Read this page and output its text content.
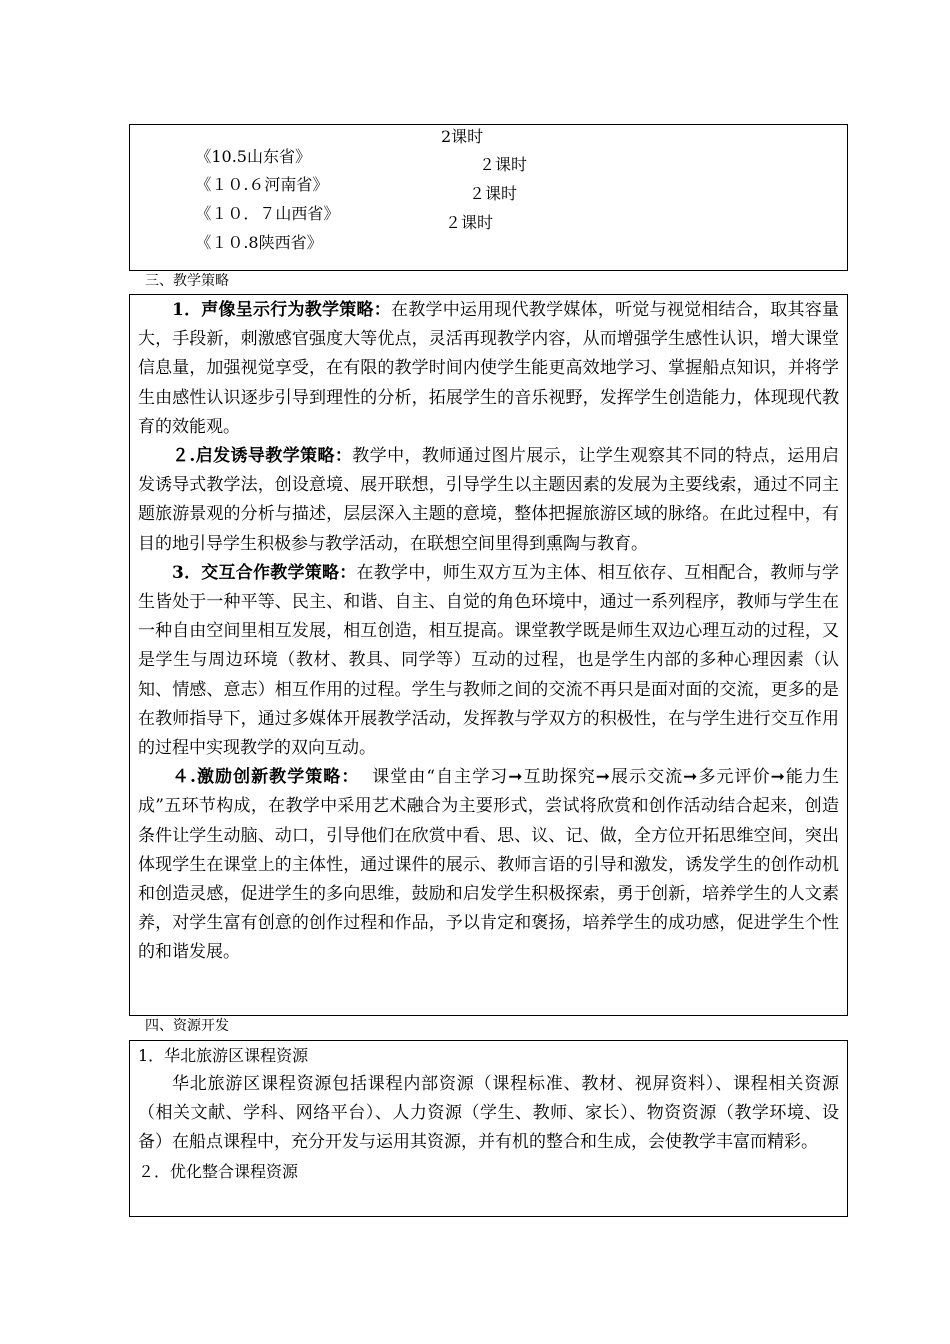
《10.5山东省》

2课时

《１０.６河南省》

２课时

《１０．７山西省》

２课时

《１０.8陕西省》

２课时

三、教学策略

1．声像呈示行为教学策略：在教学中运用现代教学媒体，听觉与视觉相结合，取其容量大，手段新，刺激感官强度大等优点，灵活再现教学内容，从而增强学生感性认识，增大课堂信息量，加强视觉享受，在有限的教学时间内使学生能更高效地学习、掌握船点知识，并将学生由感性认识逐步引导到理性的分析，拓展学生的音乐视野，发挥学生创造能力，体现现代教育的效能观。

２.启发诱导教学策略：教学中，教师通过图片展示，让学生观察其不同的特点，运用启发诱导式教学法，创设意境、展开联想，引导学生以主题因素的发展为主要线索，通过不同主题旅游景观的分析与描述，层层深入主题的意境，整体把握旅游区域的脉络。在此过程中，有目的地引导学生积极参与教学活动，在联想空间里得到熏陶与教育。

3．交互合作教学策略：在教学中，师生双方互为主体、相互依存、互相配合，教师与学生皆处于一种平等、民主、和谐、自主、自觉的角色环境中，通过一系列程序，教师与学生在一种自由空间里相互发展，相互创造，相互提高。课堂教学既是师生双边心理互动的过程，又是学生与周边环境（教材、教具、同学等）互动的过程，也是学生内部的多种心理因素（认知、情感、意志）相互作用的过程。学生与教师之间的交流不再只是面对面的交流，更多的是在教师指导下，通过多媒体开展教学活动，发挥教与学双方的积极性，在与学生进行交互作用的过程中实现教学的双向互动。

４.激励创新教学策略：  课堂由“自主学习➞互助探究➞展示交流➞多元评价➞能力生成”五环节构成，在教学中采用艺术融合为主要形式，尝试将欣赏和创作活动结合起来，创造条件让学生动脑、动口，引导他们在欣赏中看、思、议、记、做，全方位开拓思维空间，突出体现学生在课堂上的主体性，通过课件的展示、教师言语的引导和激发，诱发学生的创作动机和创造灵感，促进学生的多向思维，鼓励和启发学生积极探索，勇于创新，培养学生的人文素养，对学生富有创意的创作过程和作品，予以肯定和褒扬，培养学生的成功感，促进学生个性的和谐发展。

四、资源开发

1．华北旅游区课程资源

华北旅游区课程资源包括课程内部资源（课程标准、教材、视屏资料）、课程相关资源（相关文献、学科、网络平台）、人力资源（学生、教师、家长）、物资资源（教学环境、设备）在船点课程中，充分开发与运用其资源，并有机的整合和生成，会使教学丰富而精彩。

２．优化整合课程资源
